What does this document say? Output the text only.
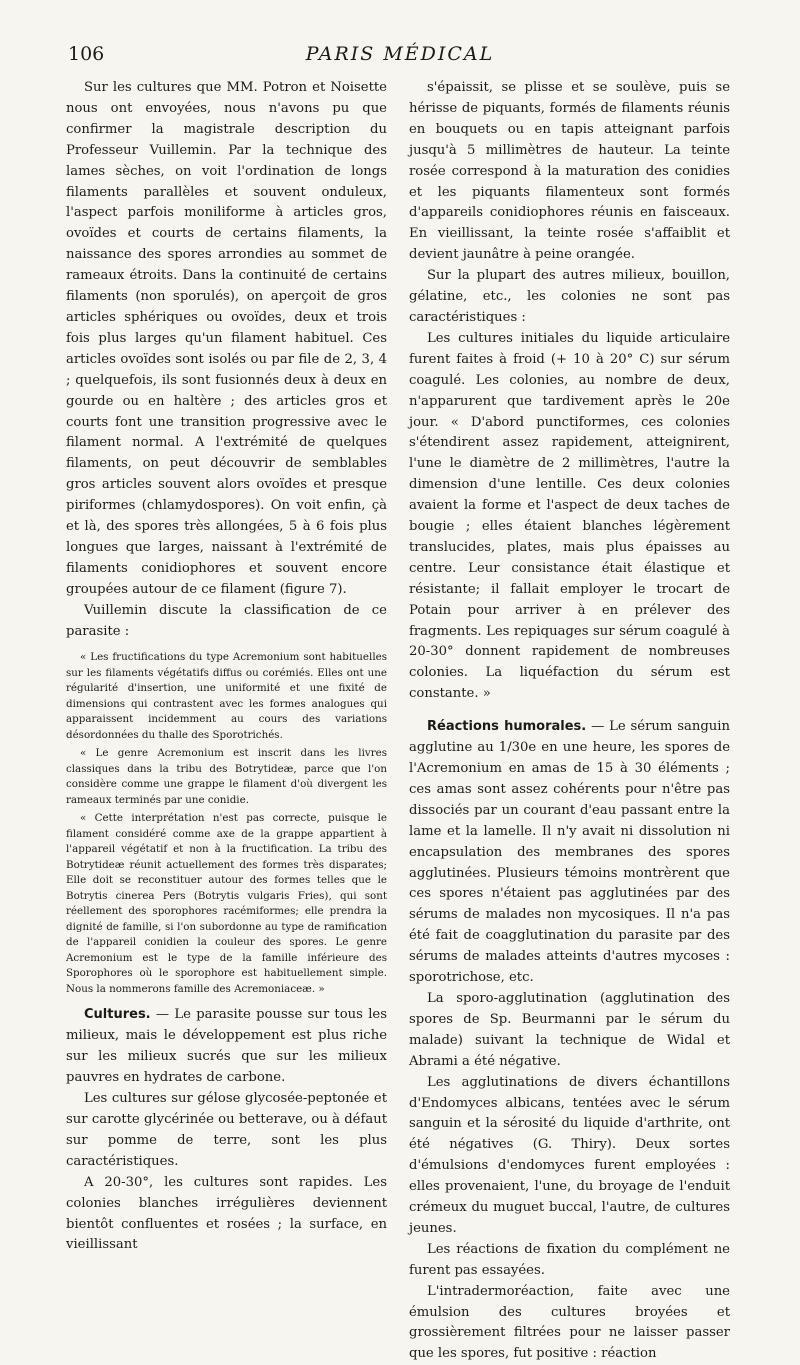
106	PARIS MÉDICAL

Sur les cultures que MM. Potron et Noisette nous ont envoyées, nous n'avons pu que confirmer la magistrale description du Professeur Vuillemin. Par la technique des lames sèches, on voit l'ordination de longs filaments parallèles et souvent onduleux, l'aspect parfois moniliforme à articles gros, ovoïdes et courts de certains filaments, la naissance des spores arrondies au sommet de rameaux étroits. Dans la continuité de certains filaments (non sporulés), on aperçoit de gros articles sphériques ou ovoïdes, deux et trois fois plus larges qu'un filament habituel. Ces articles ovoïdes sont isolés ou par file de 2, 3, 4 ; quelquefois, ils sont fusionnés deux à deux en gourde ou en haltère ; des articles gros et courts font une transition progressive avec le filament normal. A l'extrémité de quelques filaments, on peut découvrir de semblables gros articles souvent alors ovoïdes et presque piriformes (chlamydospores). On voit enfin, çà et là, des spores très allongées, 5 à 6 fois plus longues que larges, naissant à l'extrémité de filaments conidiophores et souvent encore groupées autour de ce filament (figure 7).

Vuillemin discute la classification de ce parasite :

« Les fructifications du type Acremonium sont habituelles sur les filaments végétatifs diffus ou corémiés. Elles ont une régularité d'insertion, une uniformité et une fixité de dimensions qui contrastent avec les formes analogues qui apparaissent incidemment au cours des variations désordonnées du thalle des Sporotrichés.

« Le genre Acremonium est inscrit dans les livres classiques dans la tribu des Botrytideæ, parce que l'on considère comme une grappe le filament d'où divergent les rameaux terminés par une conidie.

« Cette interprétation n'est pas correcte, puisque le filament considéré comme axe de la grappe appartient à l'appareil végétatif et non à la fructification. La tribu des Botrytideæ réunit actuellement des formes très disparates; Elle doit se reconstituer autour des formes telles que le Botrytis cinerea Pers (Botrytis vulgaris Fries), qui sont réellement des sporophores racémiformes; elle prendra la dignité de famille, si l'on subordonne au type de ramification de l'appareil conidien la couleur des spores. Le genre Acremonium est le type de la famille inférieure des Sporophores où le sporophore est habituellement simple. Nous la nommerons famille des Acremoniaceæ. »

Cultures. — Le parasite pousse sur tous les milieux, mais le développement est plus riche sur les milieux sucrés que sur les milieux pauvres en hydrates de carbone.

Les cultures sur gélose glycosée-peptonée et sur carotte glycérinée ou betterave, ou à défaut sur pomme de terre, sont les plus caractéristiques.

A 20-30°, les cultures sont rapides. Les colonies blanches irrégulières deviennent bientôt confluentes et rosées ; la surface, en vieillissant

s'épaissit, se plisse et se soulève, puis se hérisse de piquants, formés de filaments réunis en bouquets ou en tapis atteignant parfois jusqu'à 5 millimètres de hauteur. La teinte rosée correspond à la maturation des conidies et les piquants filamenteux sont formés d'appareils conidiophores réunis en faisceaux. En vieillissant, la teinte rosée s'affaiblit et devient jaunâtre à peine orangée.

Sur la plupart des autres milieux, bouillon, gélatine, etc., les colonies ne sont pas caractéristiques :

Les cultures initiales du liquide articulaire furent faites à froid (+ 10 à 20° C) sur sérum coagulé. Les colonies, au nombre de deux, n'apparurent que tardivement après le 20e jour. « D'abord punctiformes, ces colonies s'étendirent assez rapidement, atteignirent, l'une le diamètre de 2 millimètres, l'autre la dimension d'une lentille. Ces deux colonies avaient la forme et l'aspect de deux taches de bougie ; elles étaient blanches légèrement translucides, plates, mais plus épaisses au centre. Leur consistance était élastique et résistante; il fallait employer le trocart de Potain pour arriver à en prélever des fragments. Les repiquages sur sérum coagulé à 20-30° donnent rapidement de nombreuses colonies. La liquéfaction du sérum est constante. »

Réactions humorales. — Le sérum sanguin agglutine au 1/30e en une heure, les spores de l'Acremonium en amas de 15 à 30 éléments ; ces amas sont assez cohérents pour n'être pas dissociés par un courant d'eau passant entre la lame et la lamelle. Il n'y avait ni dissolution ni encapsulation des membranes des spores agglutinées. Plusieurs témoins montrèrent que ces spores n'étaient pas agglutinées par des sérums de malades non mycosiques. Il n'a pas été fait de coagglutination du parasite par des sérums de malades atteints d'autres mycoses : sporotrichose, etc.

La sporo-agglutination (agglutination des spores de Sp. Beurmanni par le sérum du malade) suivant la technique de Widal et Abrami a été négative.

Les agglutinations de divers échantillons d'Endomyces albicans, tentées avec le sérum sanguin et la sérosité du liquide d'arthrite, ont été négatives (G. Thiry). Deux sortes d'émulsions d'endomyces furent employées : elles provenaient, l'une, du broyage de l'enduit crémeux du muguet buccal, l'autre, de cultures jeunes.

Les réactions de fixation du complément ne furent pas essayées.

L'intradermoréaction, faite avec une émulsion des cultures broyées et grossièrement filtrées pour ne laisser passer que les spores, fut positive : réaction
